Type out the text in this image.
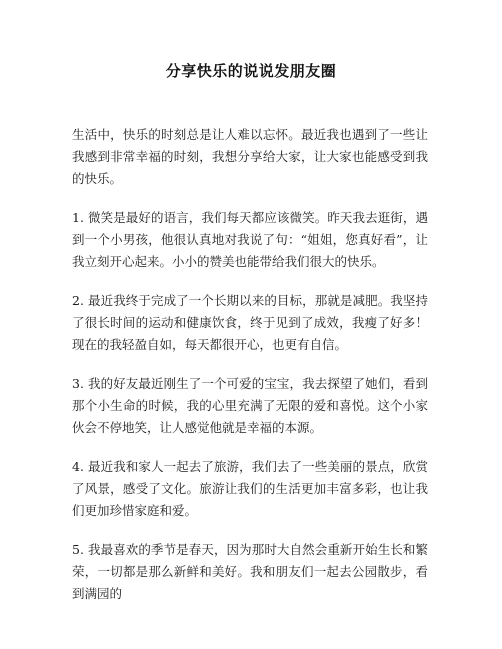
分享快乐的说说发朋友圈

生活中，快乐的时刻总是让人难以忘怀。最近我也遇到了一些让我感到非常幸福的时刻，我想分享给大家，让大家也能感受到我的快乐。

1. 微笑是最好的语言，我们每天都应该微笑。昨天我去逛街，遇到一个小男孩，他很认真地对我说了句：“姐姐，您真好看”，让我立刻开心起来。小小的赞美也能带给我们很大的快乐。

2. 最近我终于完成了一个长期以来的目标，那就是减肥。我坚持了很长时间的运动和健康饮食，终于见到了成效，我瘦了好多！现在的我轻盈自如，每天都很开心，也更有自信。

3. 我的好友最近刚生了一个可爱的宝宝，我去探望了她们，看到那个小生命的时候，我的心里充满了无限的爱和喜悦。这个小家伙会不停地笑，让人感觉他就是幸福的本源。

4. 最近我和家人一起去了旅游，我们去了一些美丽的景点，欣赏了风景，感受了文化。旅游让我们的生活更加丰富多彩，也让我们更加珍惜家庭和爱。

5. 我最喜欢的季节是春天，因为那时大自然会重新开始生长和繁荣，一切都是那么新鲜和美好。我和朋友们一起去公园散步，看到满园的
